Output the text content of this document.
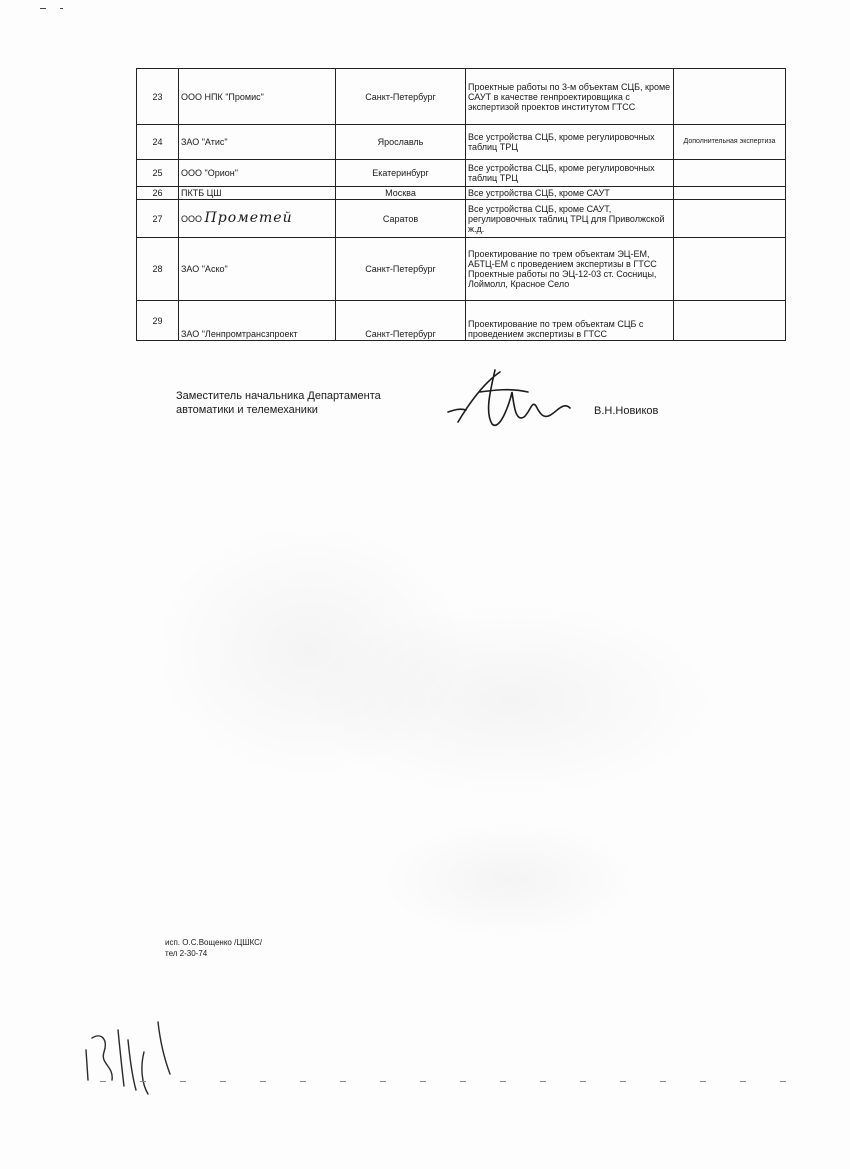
23	ООО НПК "Промис"	Санкт-Петербург	Проектные работы по 3-м объектам СЦБ, кроме САУТ в качестве генпроектировщика с экспертизой проектов институтом ГТСС	
24	ЗАО "Атис"	Ярославль	Все устройства СЦБ, кроме регулировочных таблиц ТРЦ	Дополнительная экспертиза
25	ООО "Орион"	Екатеринбург	Все устройства СЦБ, кроме регулировочных таблиц ТРЦ	
26	ПКТБ ЦШ	Москва	Все устройства СЦБ, кроме САУТ	
27	ООО Прометей	Саратов	Все устройства СЦБ, кроме САУТ, регулировочных таблиц ТРЦ для Приволжской ж.д.	
28	ЗАО "Аско"	Санкт-Петербург	Проектирование по трем объектам ЭЦ-ЕМ, АБТЦ-ЕМ с проведением экспертизы в ГТСС
Проектные работы по ЭЦ-12-03 ст. Сосницы, Лоймолл, Красное Село	

29	ЗАО "Ленпромтрансзпроект	Санкт-Петербург	Проектирование по трем объектам СЦБ с проведением экспертизы в ГТСС	
Заместитель начальника Департамента
автоматики и телемеханики	В.Н.Новиков
исп. О.С.Вощенко /ЦШКС/
тел 2-30-74
